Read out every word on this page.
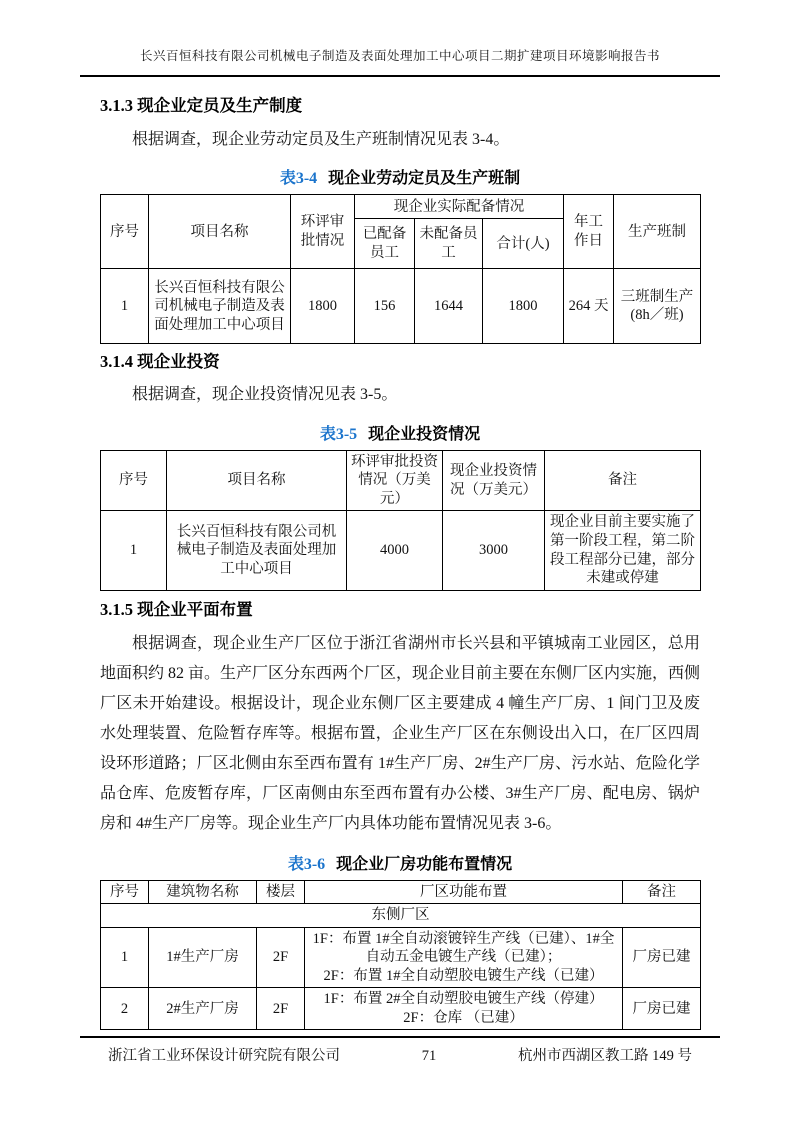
长兴百恒科技有限公司机械电子制造及表面处理加工中心项目二期扩建项目环境影响报告书
3.1.3 现企业定员及生产制度

根据调查，现企业劳动定员及生产班制情况见表 3-4。

表3-4 现企业劳动定员及生产班制
序号	项目名称	环评审批情况	现企业实际配备情况			年工作日	生产班制
			已配备员工	未配备员工	合计(人)		
1	长兴百恒科技有限公司机械电子制造及表面处理加工中心项目	1800	156	1644	1800	264 天	三班制生产(8h／班)
3.1.4 现企业投资

根据调查，现企业投资情况见表 3-5。

表3-5 现企业投资情况
序号	项目名称	环评审批投资情况（万美元）	现企业投资情况（万美元）	备注
1	长兴百恒科技有限公司机械电子制造及表面处理加工中心项目	4000	3000	现企业目前主要实施了第一阶段工程，第二阶段工程部分已建，部分未建或停建
3.1.5 现企业平面布置

根据调查，现企业生产厂区位于浙江省湖州市长兴县和平镇城南工业园区，总用地面积约 82 亩。生产厂区分东西两个厂区，现企业目前主要在东侧厂区内实施，西侧厂区未开始建设。根据设计，现企业东侧厂区主要建成 4 幢生产厂房、1 间门卫及废水处理装置、危险暂存库等。根据布置，企业生产厂区在东侧设出入口，在厂区四周设环形道路；厂区北侧由东至西布置有 1#生产厂房、2#生产厂房、污水站、危险化学品仓库、危废暂存库，厂区南侧由东至西布置有办公楼、3#生产厂房、配电房、锅炉房和 4#生产厂房等。现企业生产厂内具体功能布置情况见表 3-6。

表3-6 现企业厂房功能布置情况
序号	建筑物名称	楼层	厂区功能布置	备注
东侧厂区				
1	1#生产厂房	2F	1F：布置 1#全自动滚镀锌生产线（已建）、1#全自动五金电镀生产线（已建）；
2F：布置 1#全自动塑胶电镀生产线（已建）	厂房已建
2	2#生产厂房	2F	1F：布置 2#全自动塑胶电镀生产线（停建）
2F：仓库 （已建）	厂房已建
浙江省工业环保设计研究院有限公司	71	杭州市西湖区教工路 149 号
